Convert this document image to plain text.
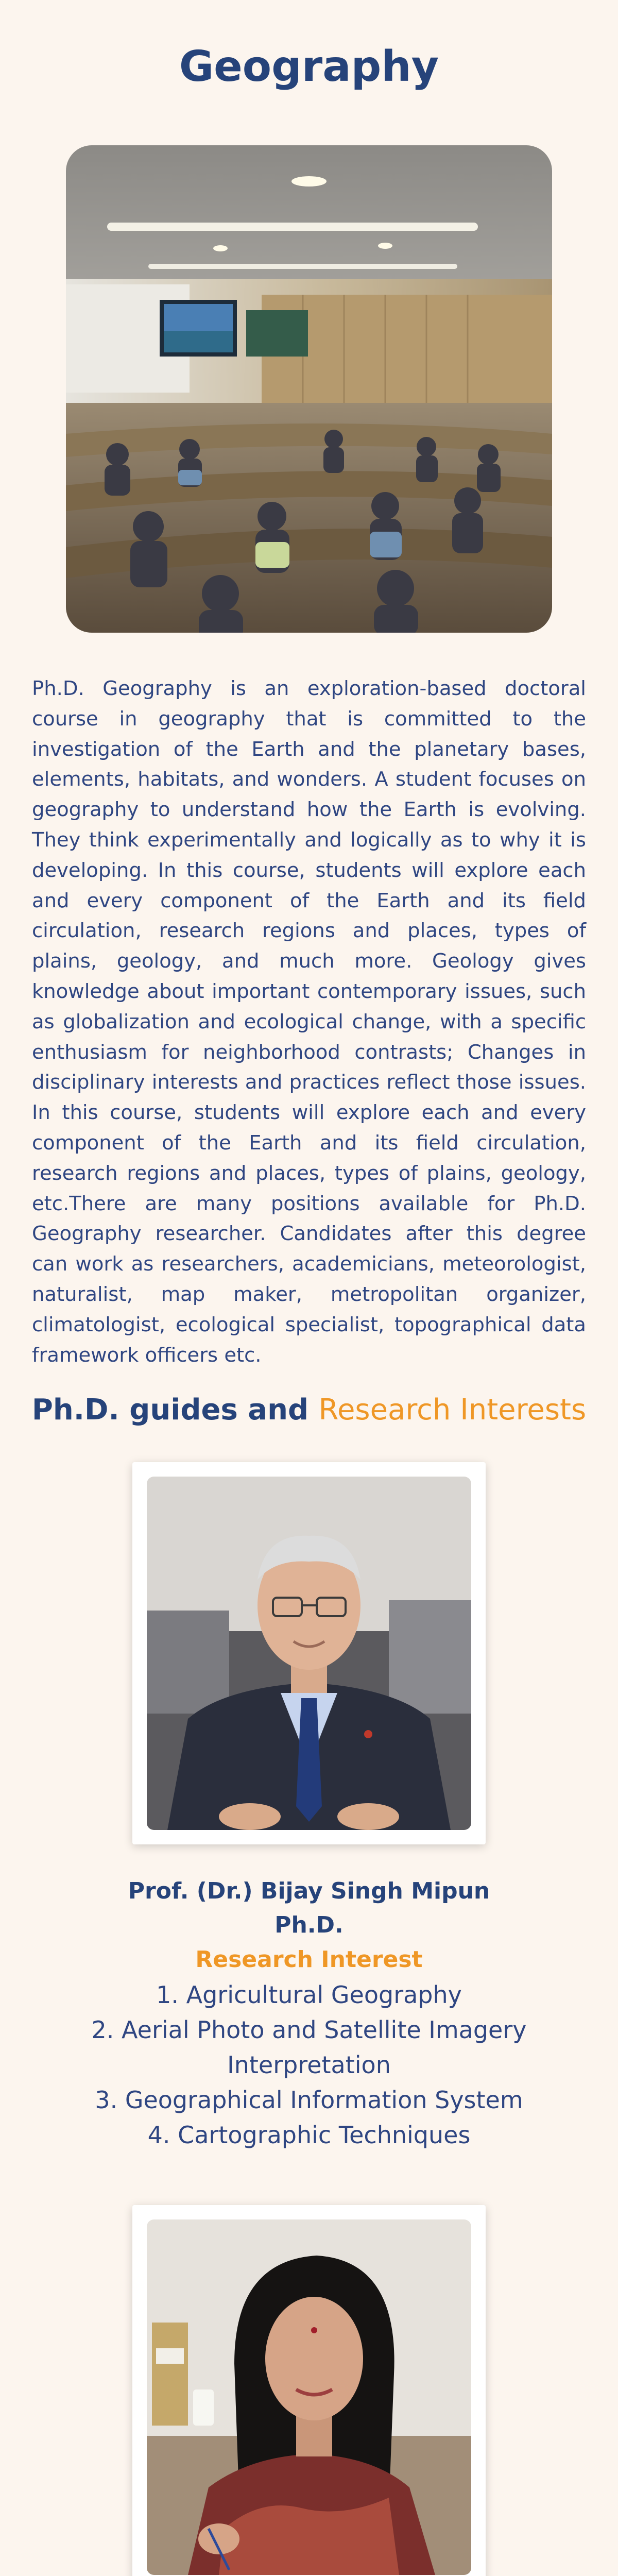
Geography

Ph.D. Geography is an exploration-based doctoral course in geography that is committed to the investigation of the Earth and the planetary bases, elements, habitats, and wonders. A student focuses on geography to understand how the Earth is evolving. They think experimentally and logically as to why it is developing. In this course, students will explore each and every component of the Earth and its field circulation, research regions and places, types of plains, geology, and much more. Geology gives knowledge about important contemporary issues, such as globalization and ecological change, with a specific enthusiasm for neighborhood contrasts; Changes in disciplinary interests and practices reflect those issues. In this course, students will explore each and every component of the Earth and its field circulation, research regions and places, types of plains, geology, etc.There are many positions available for Ph.D. Geography researcher. Candidates after this degree can work as researchers, academicians, meteorologist, naturalist, map maker, metropolitan organizer, climatologist, ecological specialist, topographical data framework officers etc.

Ph.D. guides and Research Interests
Prof. (Dr.) Bijay Singh Mipun
Ph.D.
Research Interest
1. Agricultural Geography
2. Aerial Photo and Satellite Imagery Interpretation
3. Geographical Information System
4. Cartographic Techniques
